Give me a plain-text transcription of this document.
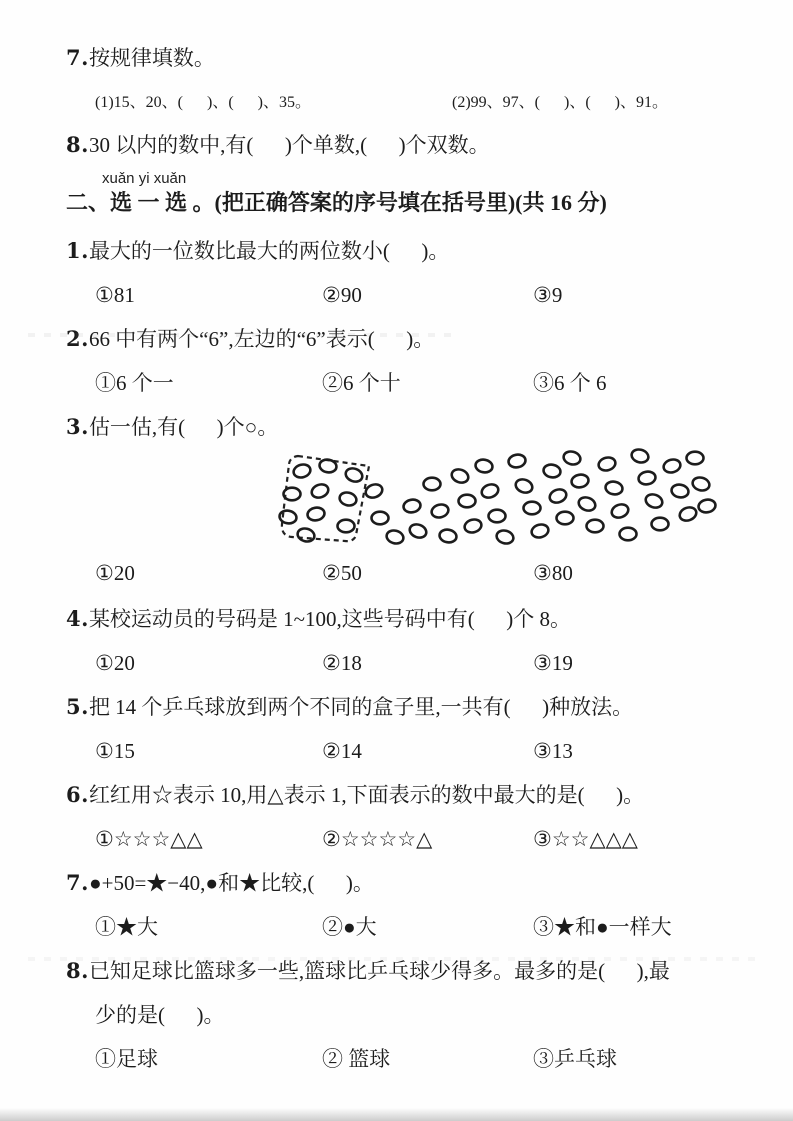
7.按规律填数。
(1)15、20、(      )、(      )、35。	(2)99、97、(      )、(      )、91。
8.30 以内的数中,有(      )个单数,(      )个双数。
xuǎn yi xuǎn
二、选 一 选 。(把正确答案的序号填在括号里)(共 16 分)
1.最大的一位数比最大的两位数小(      )。
①81	②90	③9
2.66 中有两个“6”,左边的“6”表示(      )。
①6 个一	②6 个十	③6 个 6
3.估一估,有(      )个○。
①20	②50	③80
4.某校运动员的号码是 1~100,这些号码中有(      )个 8。
①20	②18	③19
5.把 14 个乒乓球放到两个不同的盒子里,一共有(      )种放法。
①15	②14	③13
6.红红用☆表示 10,用△表示 1,下面表示的数中最大的是(      )。
①☆☆☆△△	②☆☆☆☆△	③☆☆△△△
7.●+50=★−40,●和★比较,(      )。
①★大	②●大	③★和●一样大
8.已知足球比篮球多一些,篮球比乒乓球少得多。最多的是(      ),最
少的是(      )。
①足球	② 篮球	③乒乓球
